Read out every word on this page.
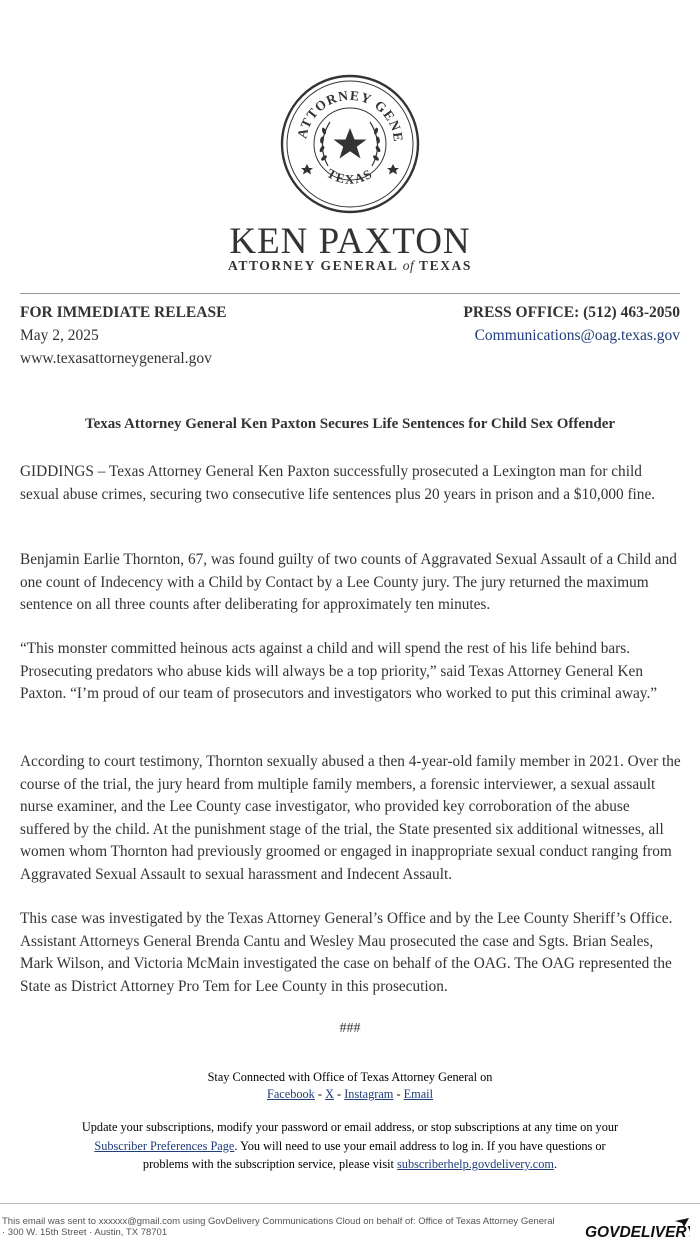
ATTORNEY GENE
TEXAS
KEN PAXTON
ATTORNEY GENERAL of TEXAS
FOR IMMEDIATE RELEASE
May 2, 2025
www.texasattorneygeneral.gov
PRESS OFFICE: (512) 463-2050
Communications@oag.texas.gov
Texas Attorney General Ken Paxton Secures Life Sentences for Child Sex Offender
GIDDINGS – Texas Attorney General Ken Paxton successfully prosecuted a Lexington man for child sexual abuse crimes, securing two consecutive life sentences plus 20 years in prison and a $10,000 fine.
Benjamin Earlie Thornton, 67, was found guilty of two counts of Aggravated Sexual Assault of a Child and one count of Indecency with a Child by Contact by a Lee County jury. The jury returned the maximum sentence on all three counts after deliberating for approximately ten minutes.
“This monster committed heinous acts against a child and will spend the rest of his life behind bars. Prosecuting predators who abuse kids will always be a top priority,” said Texas Attorney General Ken Paxton. “I’m proud of our team of prosecutors and investigators who worked to put this criminal away.”
According to court testimony, Thornton sexually abused a then 4-year-old family member in 2021. Over the course of the trial, the jury heard from multiple family members, a forensic interviewer, a sexual assault nurse examiner, and the Lee County case investigator, who provided key corroboration of the abuse suffered by the child. At the punishment stage of the trial, the State presented six additional witnesses, all women whom Thornton had previously groomed or engaged in inappropriate sexual conduct ranging from Aggravated Sexual Assault to sexual harassment and Indecent Assault.
This case was investigated by the Texas Attorney General’s Office and by the Lee County Sheriff’s Office. Assistant Attorneys General Brenda Cantu and Wesley Mau prosecuted the case and Sgts. Brian Seales, Mark Wilson, and Victoria McMain investigated the case on behalf of the OAG. The OAG represented the State as District Attorney Pro Tem for Lee County in this prosecution.
###
Stay Connected with Office of Texas Attorney General on
Facebook - X - Instagram - Email
Update your subscriptions, modify your password or email address, or stop subscriptions at any time on your Subscriber Preferences Page. You will need to use your email address to log in. If you have questions or problems with the subscription service, please visit subscriberhelp.govdelivery.com.
This email was sent to xxxxxx@gmail.com using GovDelivery Communications Cloud on behalf of: Office of Texas Attorney General
· 300 W. 15th Street · Austin, TX 78701	GOVDELIVERY
